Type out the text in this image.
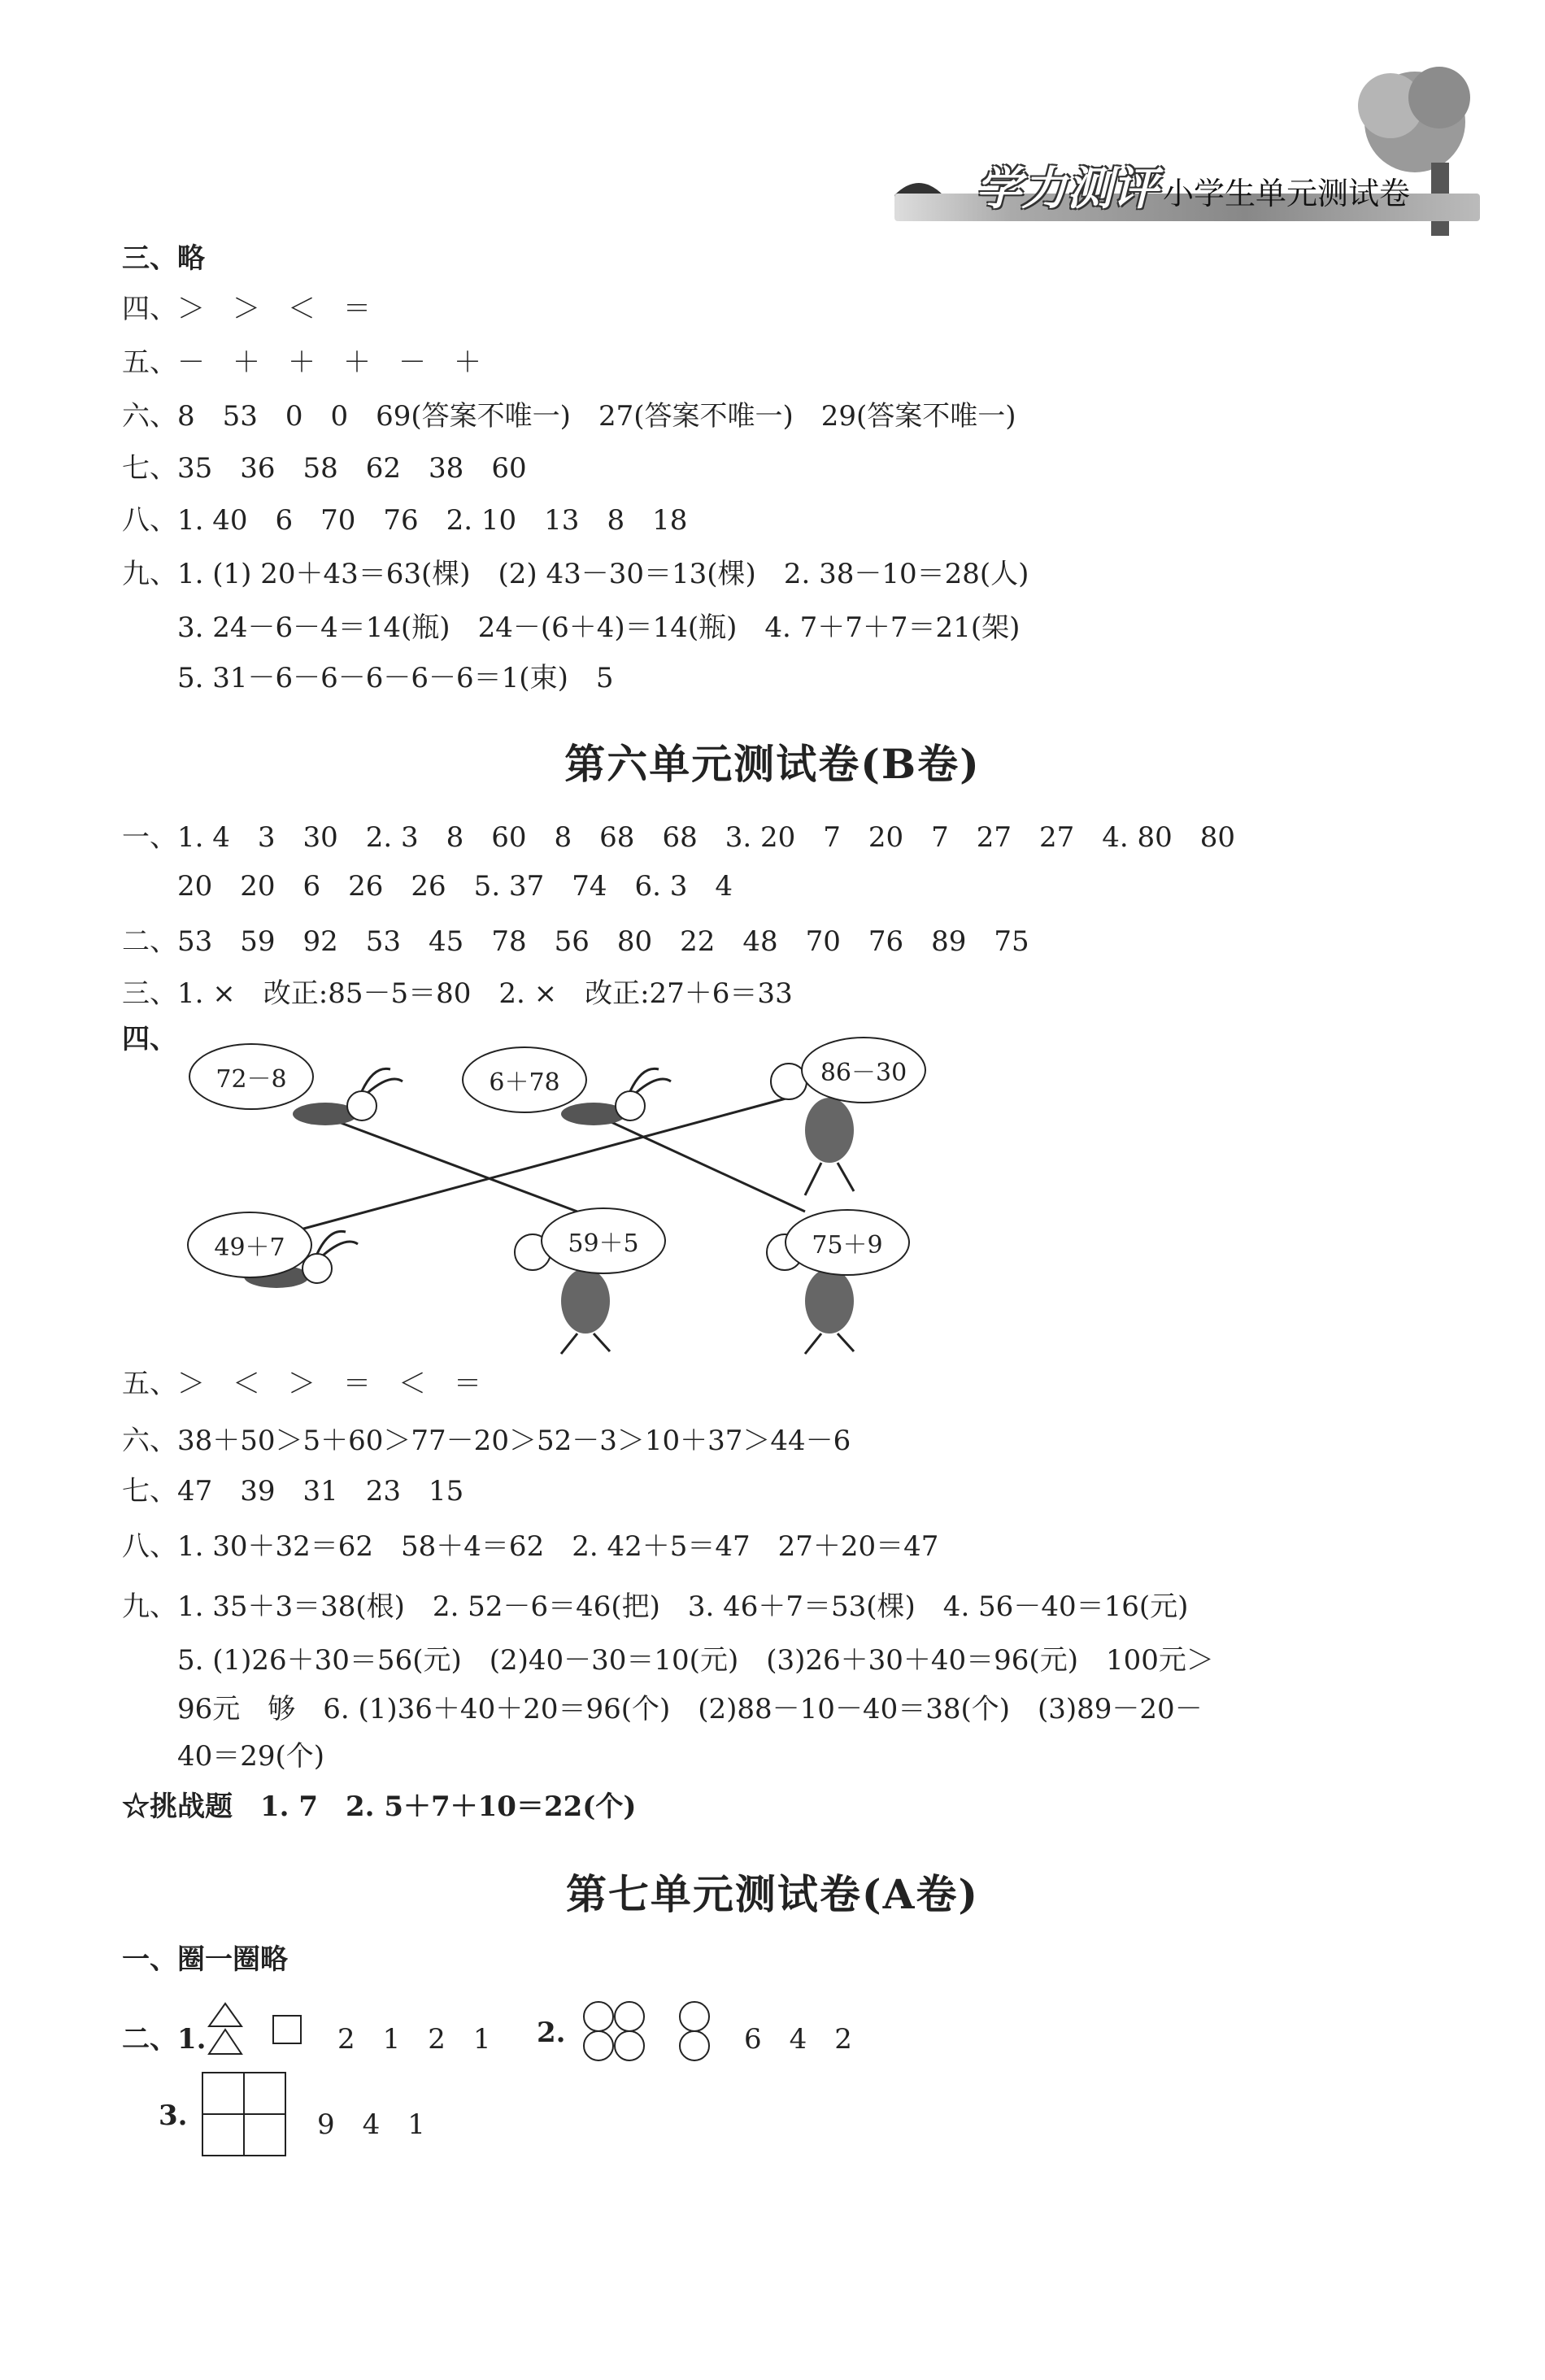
学力测评 小学生单元测试卷
三、略
四、＞　＞　＜　＝
五、－　＋　＋　＋　－　＋
六、8　53　0　0　69(答案不唯一)　27(答案不唯一)　29(答案不唯一)
七、35　36　58　62　38　60
八、1. 40　6　70　76　2. 10　13　8　18
九、1. (1) 20＋43＝63(棵)　(2) 43－30＝13(棵)　2. 38－10＝28(人)
3. 24－6－4＝14(瓶)　24－(6＋4)＝14(瓶)　4. 7＋7＋7＝21(架)
5. 31－6－6－6－6－6＝1(束)　5
第六单元测试卷(B卷)
一、1. 4　3　30　2. 3　8　60　8　68　68　3. 20　7　20　7　27　27　4. 80　80
20　20　6　26　26　5. 37　74　6. 3　4
二、53　59　92　53　45　78　56　80　22　48　70　76　89　75
三、1. ×　改正:85－5＝80　2. ×　改正:27＋6＝33
四、
72－8	6＋78	86－30
49＋7	59＋5	75＋9
五、＞　＜　＞　＝　＜　＝
六、38＋50＞5＋60＞77－20＞52－3＞10＋37＞44－6
七、47　39　31　23　15
八、1. 30＋32＝62　58＋4＝62　2. 42＋5＝47　27＋20＝47
九、1. 35＋3＝38(根)　2. 52－6＝46(把)　3. 46＋7＝53(棵)　4. 56－40＝16(元)
5. (1)26＋30＝56(元)　(2)40－30＝10(元)　(3)26＋30＋40＝96(元)　100元＞
96元　够　6. (1)36＋40＋20＝96(个)　(2)88－10－40＝38(个)　(3)89－20－
40＝29(个)
☆挑战题　1. 7　2. 5＋7＋10＝22(个)
第七单元测试卷(A卷)
一、圈一圈略
二、1.	2　1　2　1 2.	6　4　2
3.	9　4　1
